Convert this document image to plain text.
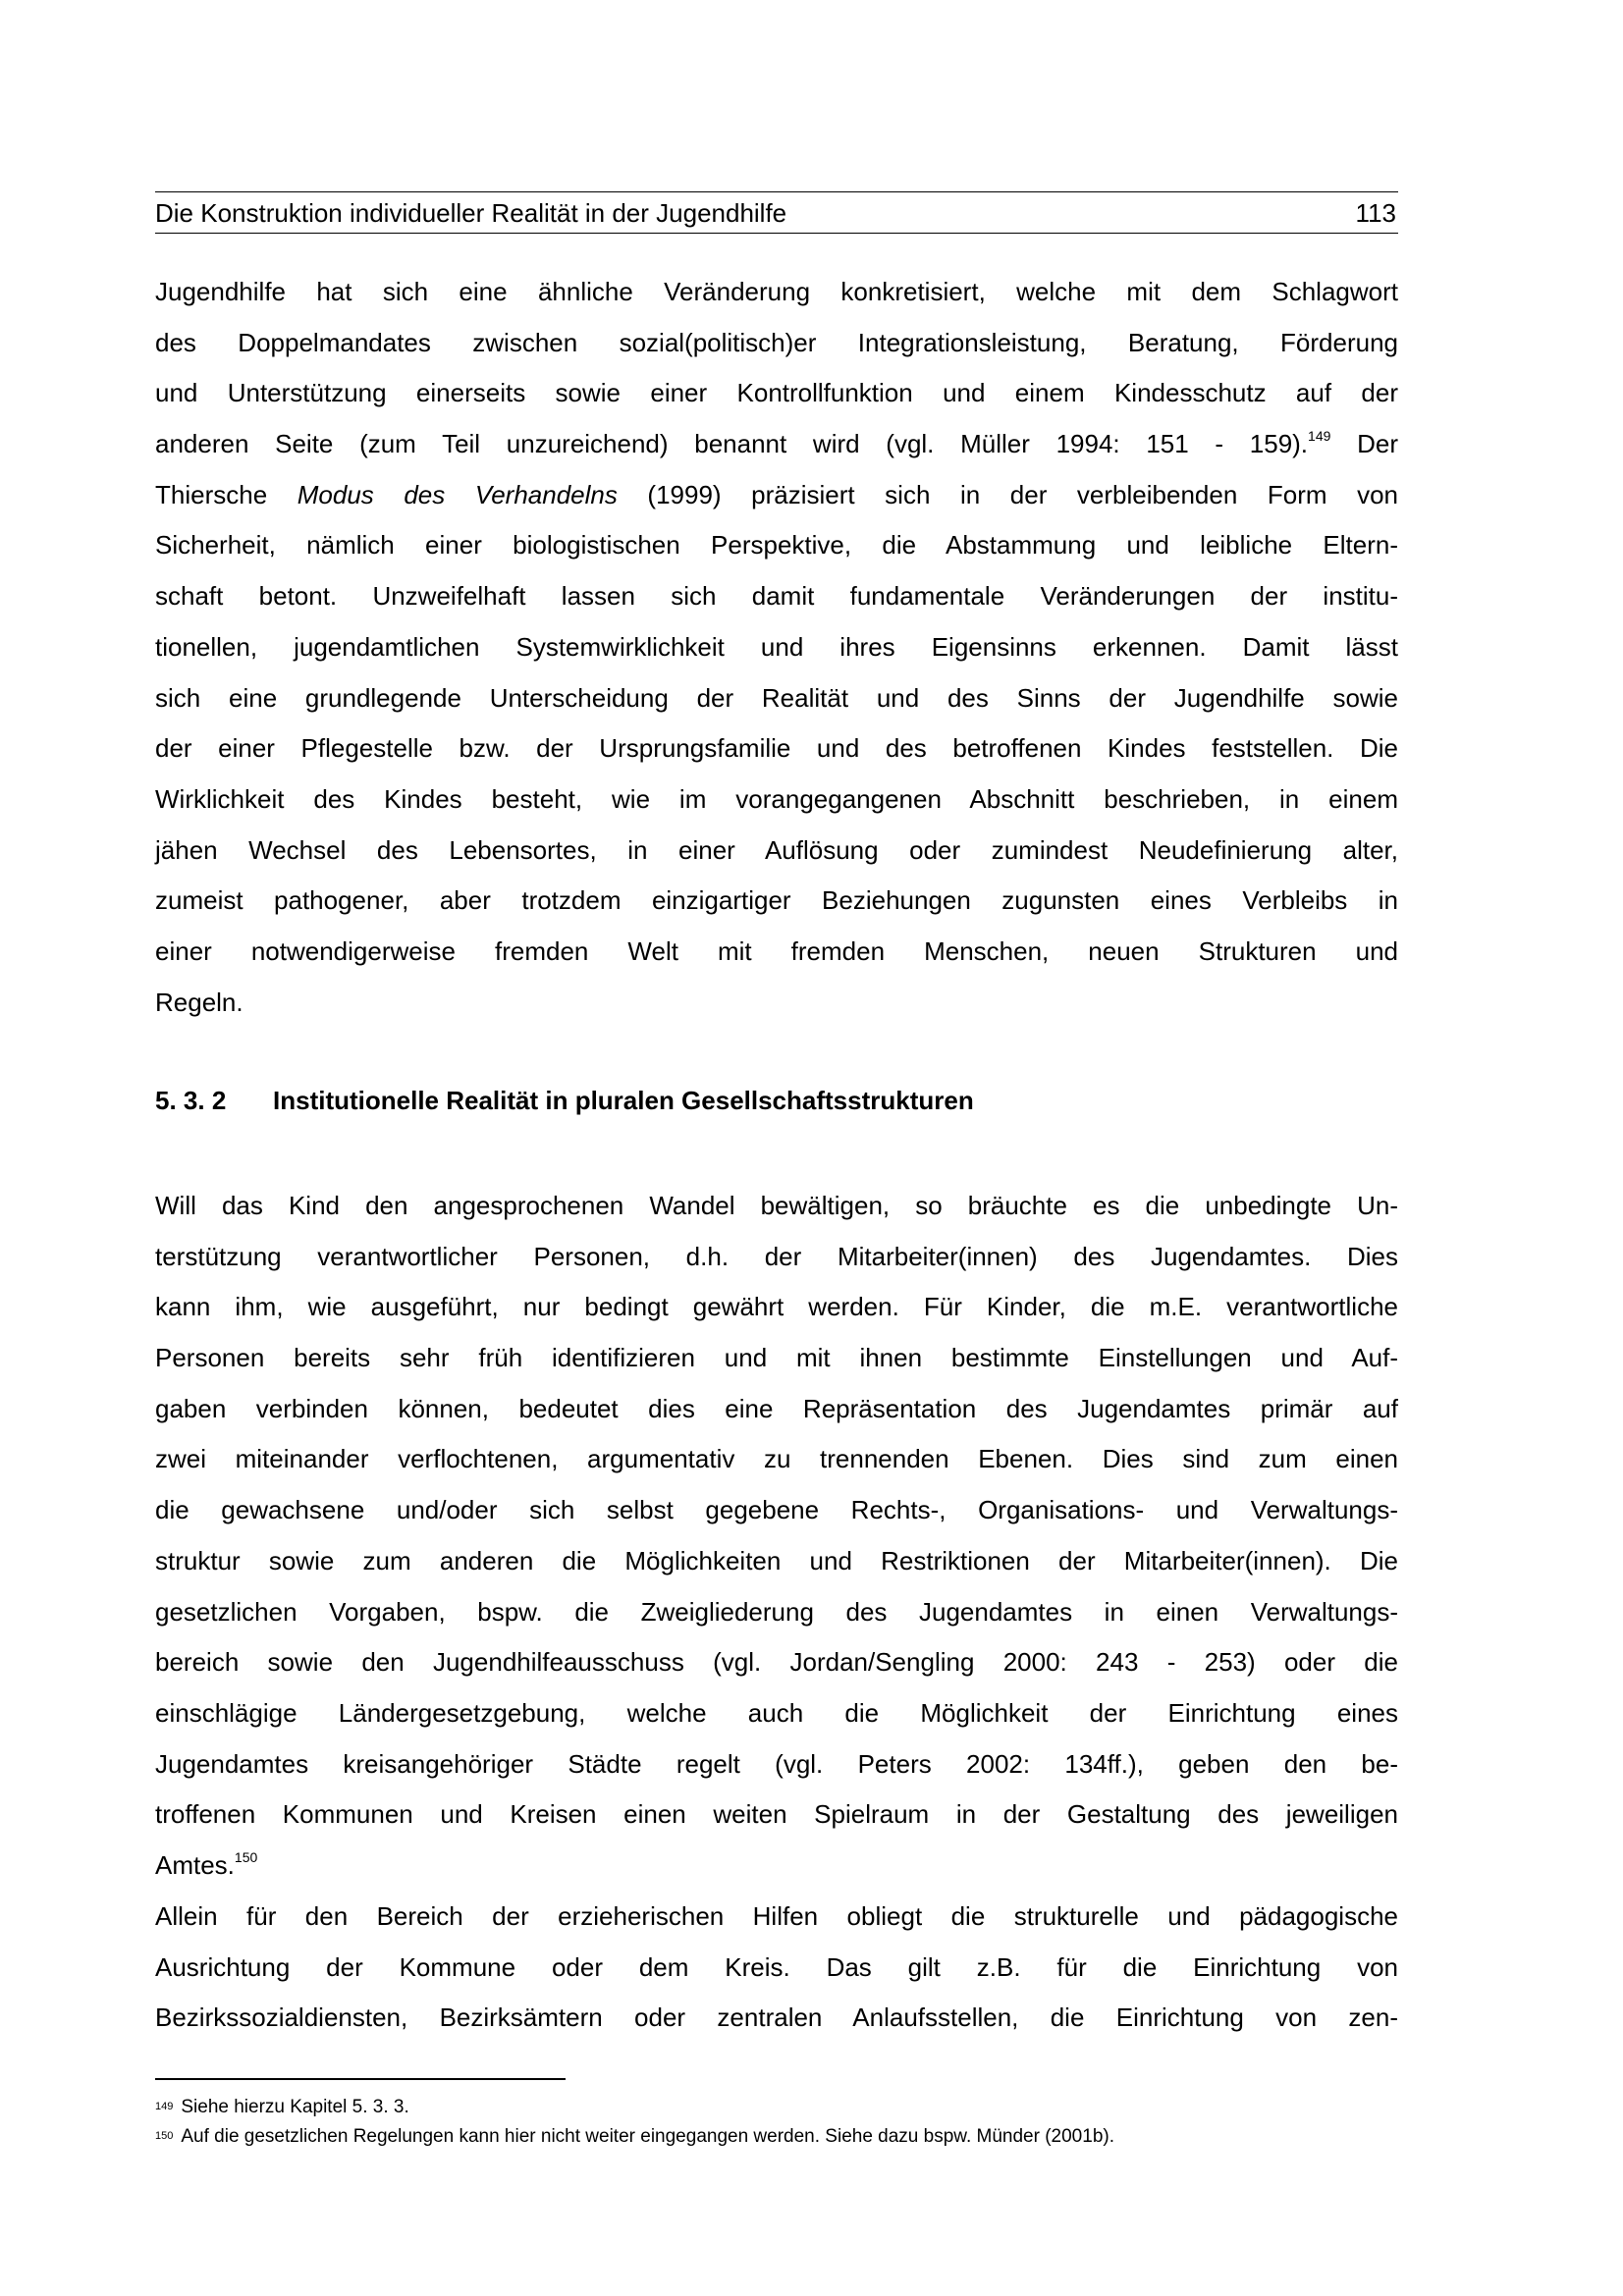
Die Konstruktion individueller Realität in der Jugendhilfe	113
Jugendhilfe hat sich eine ähnliche Veränderung konkretisiert, welche mit dem Schlagwort
des Doppelmandates zwischen sozial(politisch)er Integrationsleistung, Beratung, Förderung
und Unterstützung einerseits sowie einer Kontrollfunktion und einem Kindesschutz auf der
anderen Seite (zum Teil unzureichend) benannt wird (vgl. Müller 1994: 151 - 159).$^{149}$ Der
Thiersche Modus des Verhandelns (1999) präzisiert sich in der verbleibenden Form von
Sicherheit, nämlich einer biologistischen Perspektive, die Abstammung und leibliche Eltern-
schaft betont. Unzweifelhaft lassen sich damit fundamentale Veränderungen der institu-
tionellen, jugendamtlichen Systemwirklichkeit und ihres Eigensinns erkennen. Damit lässt
sich eine grundlegende Unterscheidung der Realität und des Sinns der Jugendhilfe sowie
der einer Pflegestelle bzw. der Ursprungsfamilie und des betroffenen Kindes feststellen. Die
Wirklichkeit des Kindes besteht, wie im vorangegangenen Abschnitt beschrieben, in einem
jähen Wechsel des Lebensortes, in einer Auflösung oder zumindest Neudefinierung alter,
zumeist pathogener, aber trotzdem einzigartiger Beziehungen zugunsten eines Verbleibs in
einer notwendigerweise fremden Welt mit fremden Menschen, neuen Strukturen und
Regeln.
5. 3. 2 Institutionelle Realität in pluralen Gesellschaftsstrukturen
Will das Kind den angesprochenen Wandel bewältigen, so bräuchte es die unbedingte Un-
terstützung verantwortlicher Personen, d.h. der Mitarbeiter(innen) des Jugendamtes. Dies
kann ihm, wie ausgeführt, nur bedingt gewährt werden. Für Kinder, die m.E. verantwortliche
Personen bereits sehr früh identifizieren und mit ihnen bestimmte Einstellungen und Auf-
gaben verbinden können, bedeutet dies eine Repräsentation des Jugendamtes primär auf
zwei miteinander verflochtenen, argumentativ zu trennenden Ebenen. Dies sind zum einen
die gewachsene und/oder sich selbst gegebene Rechts-, Organisations- und Verwaltungs-
struktur sowie zum anderen die Möglichkeiten und Restriktionen der Mitarbeiter(innen). Die
gesetzlichen Vorgaben, bspw. die Zweigliederung des Jugendamtes in einen Verwaltungs-
bereich sowie den Jugendhilfeausschuss (vgl. Jordan/Sengling 2000: 243 - 253) oder die
einschlägige Ländergesetzgebung, welche auch die Möglichkeit der Einrichtung eines
Jugendamtes kreisangehöriger Städte regelt (vgl. Peters 2002: 134ff.), geben den be-
troffenen Kommunen und Kreisen einen weiten Spielraum in der Gestaltung des jeweiligen
Amtes.$^{150}$
Allein für den Bereich der erzieherischen Hilfen obliegt die strukturelle und pädagogische
Ausrichtung der Kommune oder dem Kreis. Das gilt z.B. für die Einrichtung von
Bezirkssozialdiensten, Bezirksämtern oder zentralen Anlaufsstellen, die Einrichtung von zen-
$^{149}$ Siehe hierzu Kapitel 5. 3. 3.
$^{150}$ Auf die gesetzlichen Regelungen kann hier nicht weiter eingegangen werden. Siehe dazu bspw. Münder (2001b).
